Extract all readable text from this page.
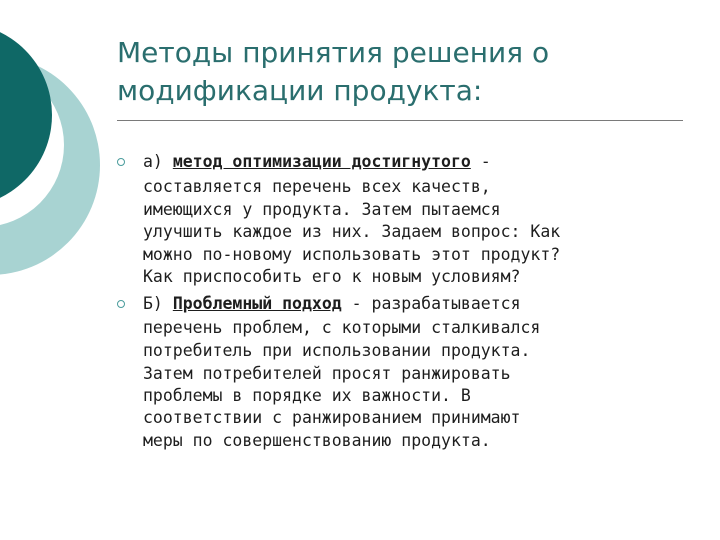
Методы принятия решения о
модификации продукта:
а) метод оптимизации достигнутого -
составляется перечень всех качеств,
имеющихся у продукта. Затем пытаемся
улучшить каждое из них. Задаем вопрос: Как
можно по-новому использовать этот продукт?
Как приспособить его к новым условиям?
Б) Проблемный подход - разрабатывается
перечень проблем, с которыми сталкивался
потребитель при использовании продукта.
Затем потребителей просят ранжировать
проблемы в порядке их важности. В
соответствии с ранжированием принимают
меры по совершенствованию продукта.
